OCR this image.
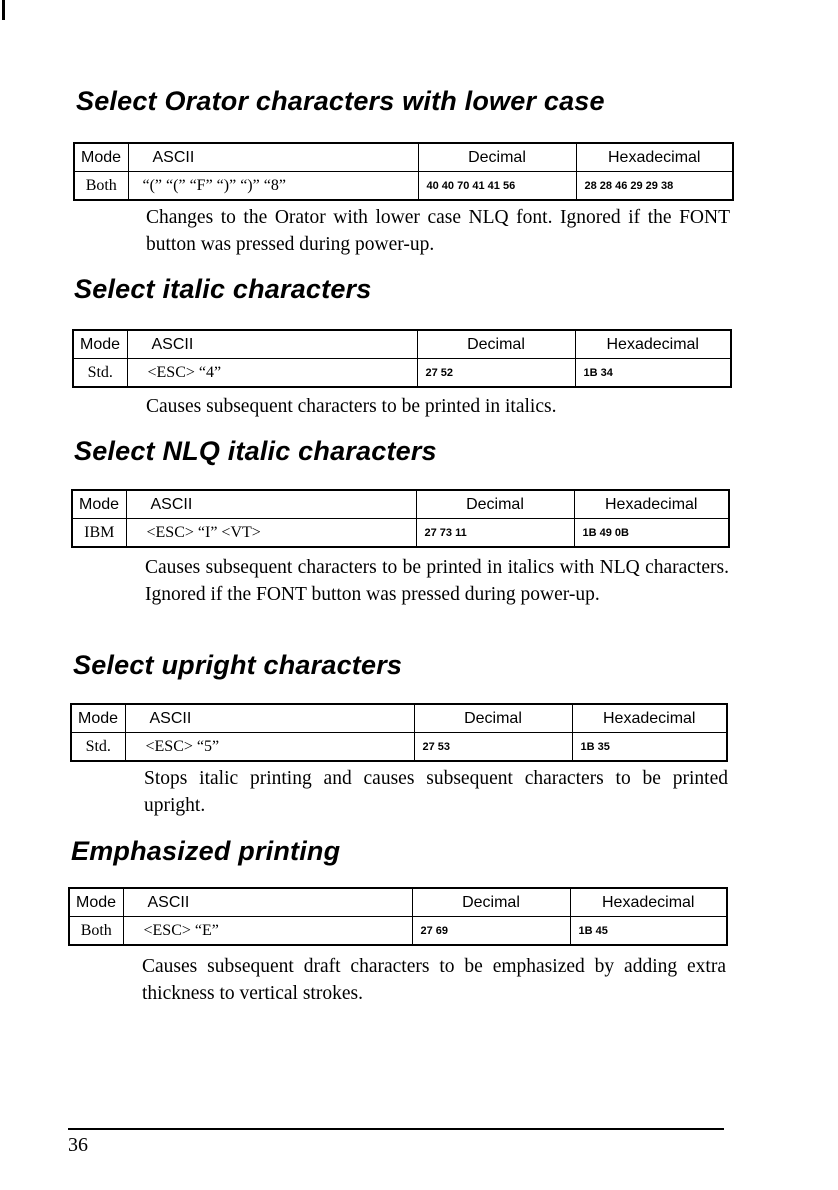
Select Orator characters with lower case
Mode	ASCII	Decimal	Hexadecimal
Both	“(” “(” “F” “)” “)” “8”	40 40 70 41 41 56	28 28 46 29 29 38
Changes to the Orator with lower case NLQ font. Ignored if the FONT button was pressed during power-up.
Select italic characters
Mode	ASCII	Decimal	Hexadecimal
Std.	<ESC> “4”	27 52	1B 34
Causes subsequent characters to be printed in italics.
Select NLQ italic characters
Mode	ASCII	Decimal	Hexadecimal
IBM	<ESC> “I” <VT>	27 73 11	1B 49 0B
Causes subsequent characters to be printed in italics with NLQ characters. Ignored if the FONT button was pressed during power-up.
Select upright characters
Mode	ASCII	Decimal	Hexadecimal
Std.	<ESC> “5”	27 53	1B 35
Stops italic printing and causes subsequent characters to be printed upright.
Emphasized printing
Mode	ASCII	Decimal	Hexadecimal
Both	<ESC> “E”	27 69	1B 45
Causes subsequent draft characters to be emphasized by adding extra thickness to vertical strokes.
36
